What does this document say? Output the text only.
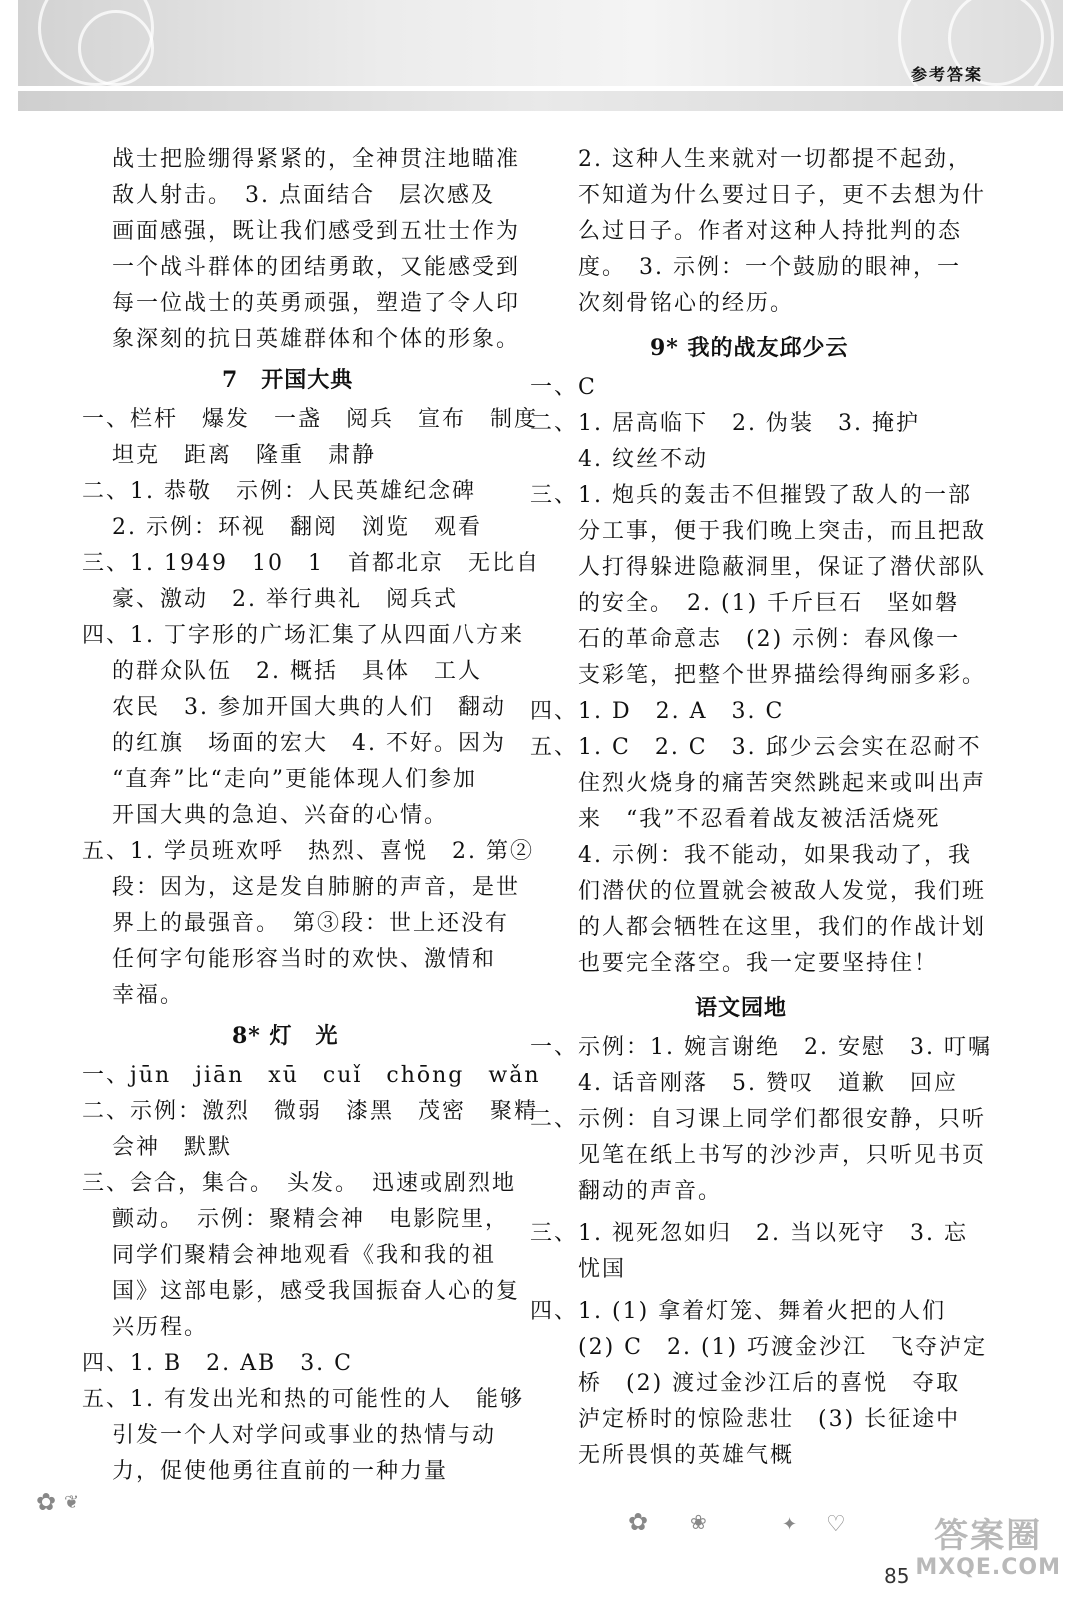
参考答案
战士把脸绷得紧紧的，全神贯注地瞄准
敌人射击。　3. 点面结合　层次感及
画面感强，既让我们感受到五壮士作为
一个战斗群体的团结勇敢，又能感受到
每一位战士的英勇顽强，塑造了令人印
象深刻的抗日英雄群体和个体的形象。
7　开国大典
一、栏杆　爆发　一盏　阅兵　宣布　制度
坦克　距离　隆重　肃静
二、1. 恭敬　示例：人民英雄纪念碑
2. 示例：环视　翻阅　浏览　观看
三、1. 1949　10　1　首都北京　无比自
豪、激动　2. 举行典礼　阅兵式
四、1. 丁字形的广场汇集了从四面八方来
的群众队伍　2. 概括　具体　工人
农民　3. 参加开国大典的人们　翻动
的红旗　场面的宏大　4. 不好。因为
“直奔”比“走向”更能体现人们参加
开国大典的急迫、兴奋的心情。
五、1. 学员班欢呼　热烈、喜悦　2. 第②
段：因为，这是发自肺腑的声音，是世
界上的最强音。　第③段：世上还没有
任何字句能形容当时的欢快、激情和
幸福。
8* 灯　光
一、jūn　jiān　xū　cuǐ　chōng　wǎn
二、示例：激烈　微弱　漆黑　茂密　聚精
会神　默默
三、会合，集合。　头发。　迅速或剧烈地
颤动。　示例：聚精会神　电影院里，
同学们聚精会神地观看《我和我的祖
国》这部电影，感受我国振奋人心的复
兴历程。
四、1. B　2. AB　3. C
五、1. 有发出光和热的可能性的人　能够
引发一个人对学问或事业的热情与动
力，促使他勇往直前的一种力量
2. 这种人生来就对一切都提不起劲，
不知道为什么要过日子，更不去想为什
么过日子。作者对这种人持批判的态
度。　3. 示例：一个鼓励的眼神，一
次刻骨铭心的经历。
9* 我的战友邱少云
一、C
二、1. 居高临下　2. 伪装　3. 掩护
4. 纹丝不动
三、1. 炮兵的轰击不但摧毁了敌人的一部
分工事，便于我们晚上突击，而且把敌
人打得躲进隐蔽洞里，保证了潜伏部队
的安全。　2. (1) 千斤巨石　坚如磐
石的革命意志　(2) 示例：春风像一
支彩笔，把整个世界描绘得绚丽多彩。
四、1. D　2. A　3. C
五、1. C　2. C　3. 邱少云会实在忍耐不
住烈火烧身的痛苦突然跳起来或叫出声
来　“我”不忍看着战友被活活烧死
4. 示例：我不能动，如果我动了，我
们潜伏的位置就会被敌人发觉，我们班
的人都会牺牲在这里，我们的作战计划
也要完全落空。我一定要坚持住！
语文园地
一、示例：1. 婉言谢绝　2. 安慰　3. 叮嘱
4. 话音刚落　5. 赞叹　道歉　回应
二、示例：自习课上同学们都很安静，只听
见笔在纸上书写的沙沙声，只听见书页
翻动的声音。
三、1. 视死忽如归　2. 当以死守　3. 忘
忧国
四、1. (1) 拿着灯笼、舞着火把的人们
(2) C　2. (1) 巧渡金沙江　飞夺泸定
桥　(2) 渡过金沙江后的喜悦　夺取
泸定桥时的惊险悲壮　(3) 长征途中
无所畏惧的英雄气概
✿ ❦
✿ ❀	✦ ♡
85
答案圈
MXQE.COM
